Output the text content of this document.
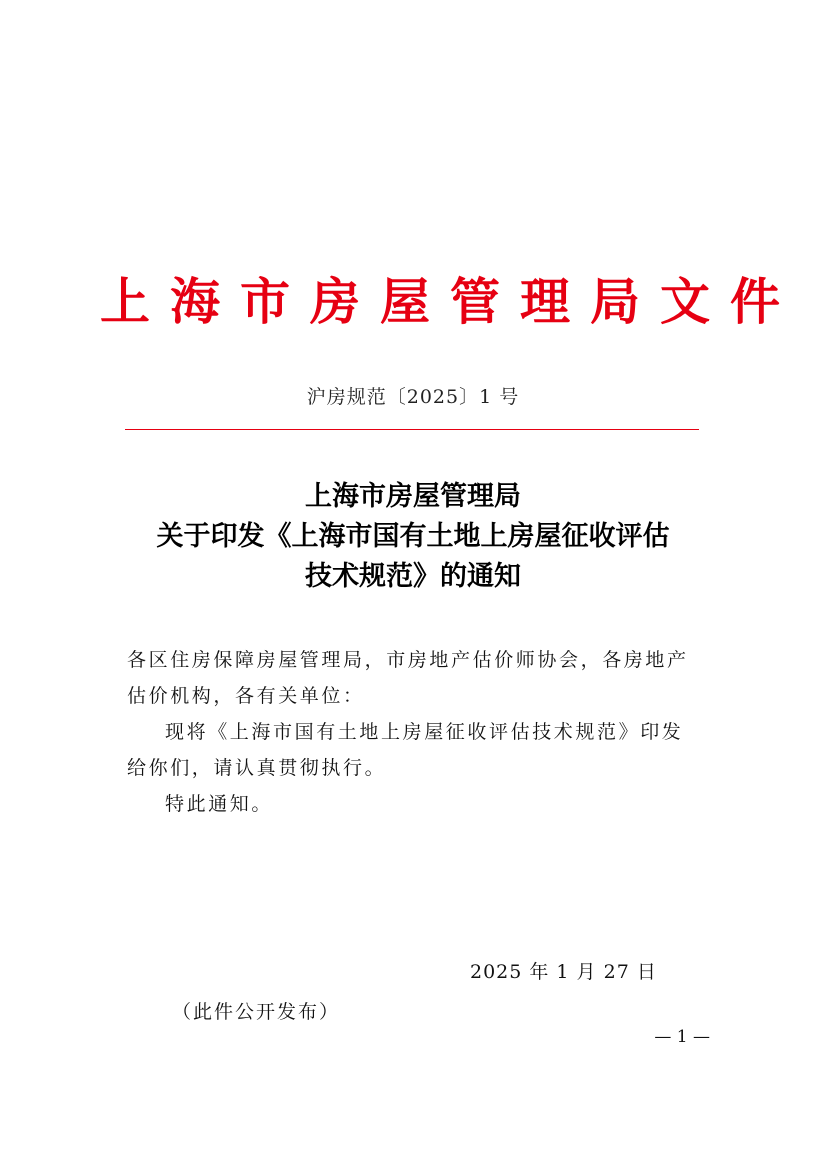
上海市房屋管理局文件
沪房规范〔2025〕1 号
上海市房屋管理局
关于印发《上海市国有土地上房屋征收评估
技术规范》的通知

各区住房保障房屋管理局，市房地产估价师协会，各房地产估价机构，各有关单位：

现将《上海市国有土地上房屋征收评估技术规范》印发给你们，请认真贯彻执行。

特此通知。

2025 年 1 月 27 日
（此件公开发布）
— 1 —
